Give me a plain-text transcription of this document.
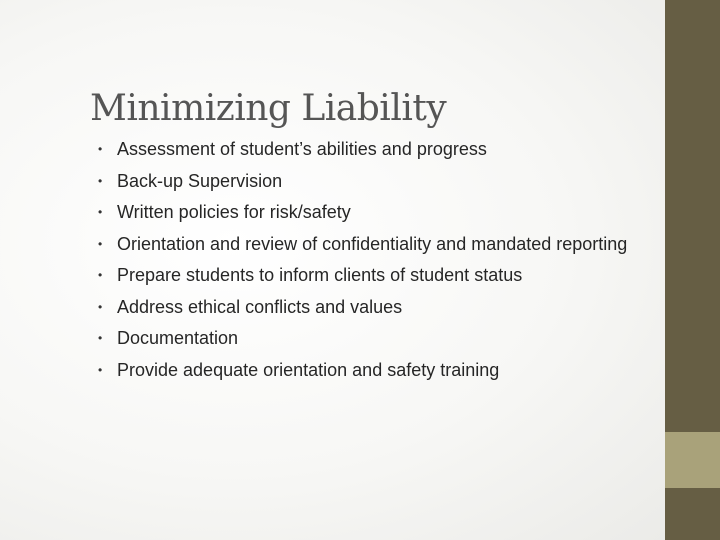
Minimizing Liability
• Assessment of student’s abilities and progress
• Back-up Supervision
• Written policies for risk/safety
• Orientation and review of confidentiality and mandated reporting
• Prepare students to inform clients of student status
• Address ethical conflicts and values
• Documentation
• Provide adequate orientation and safety training
